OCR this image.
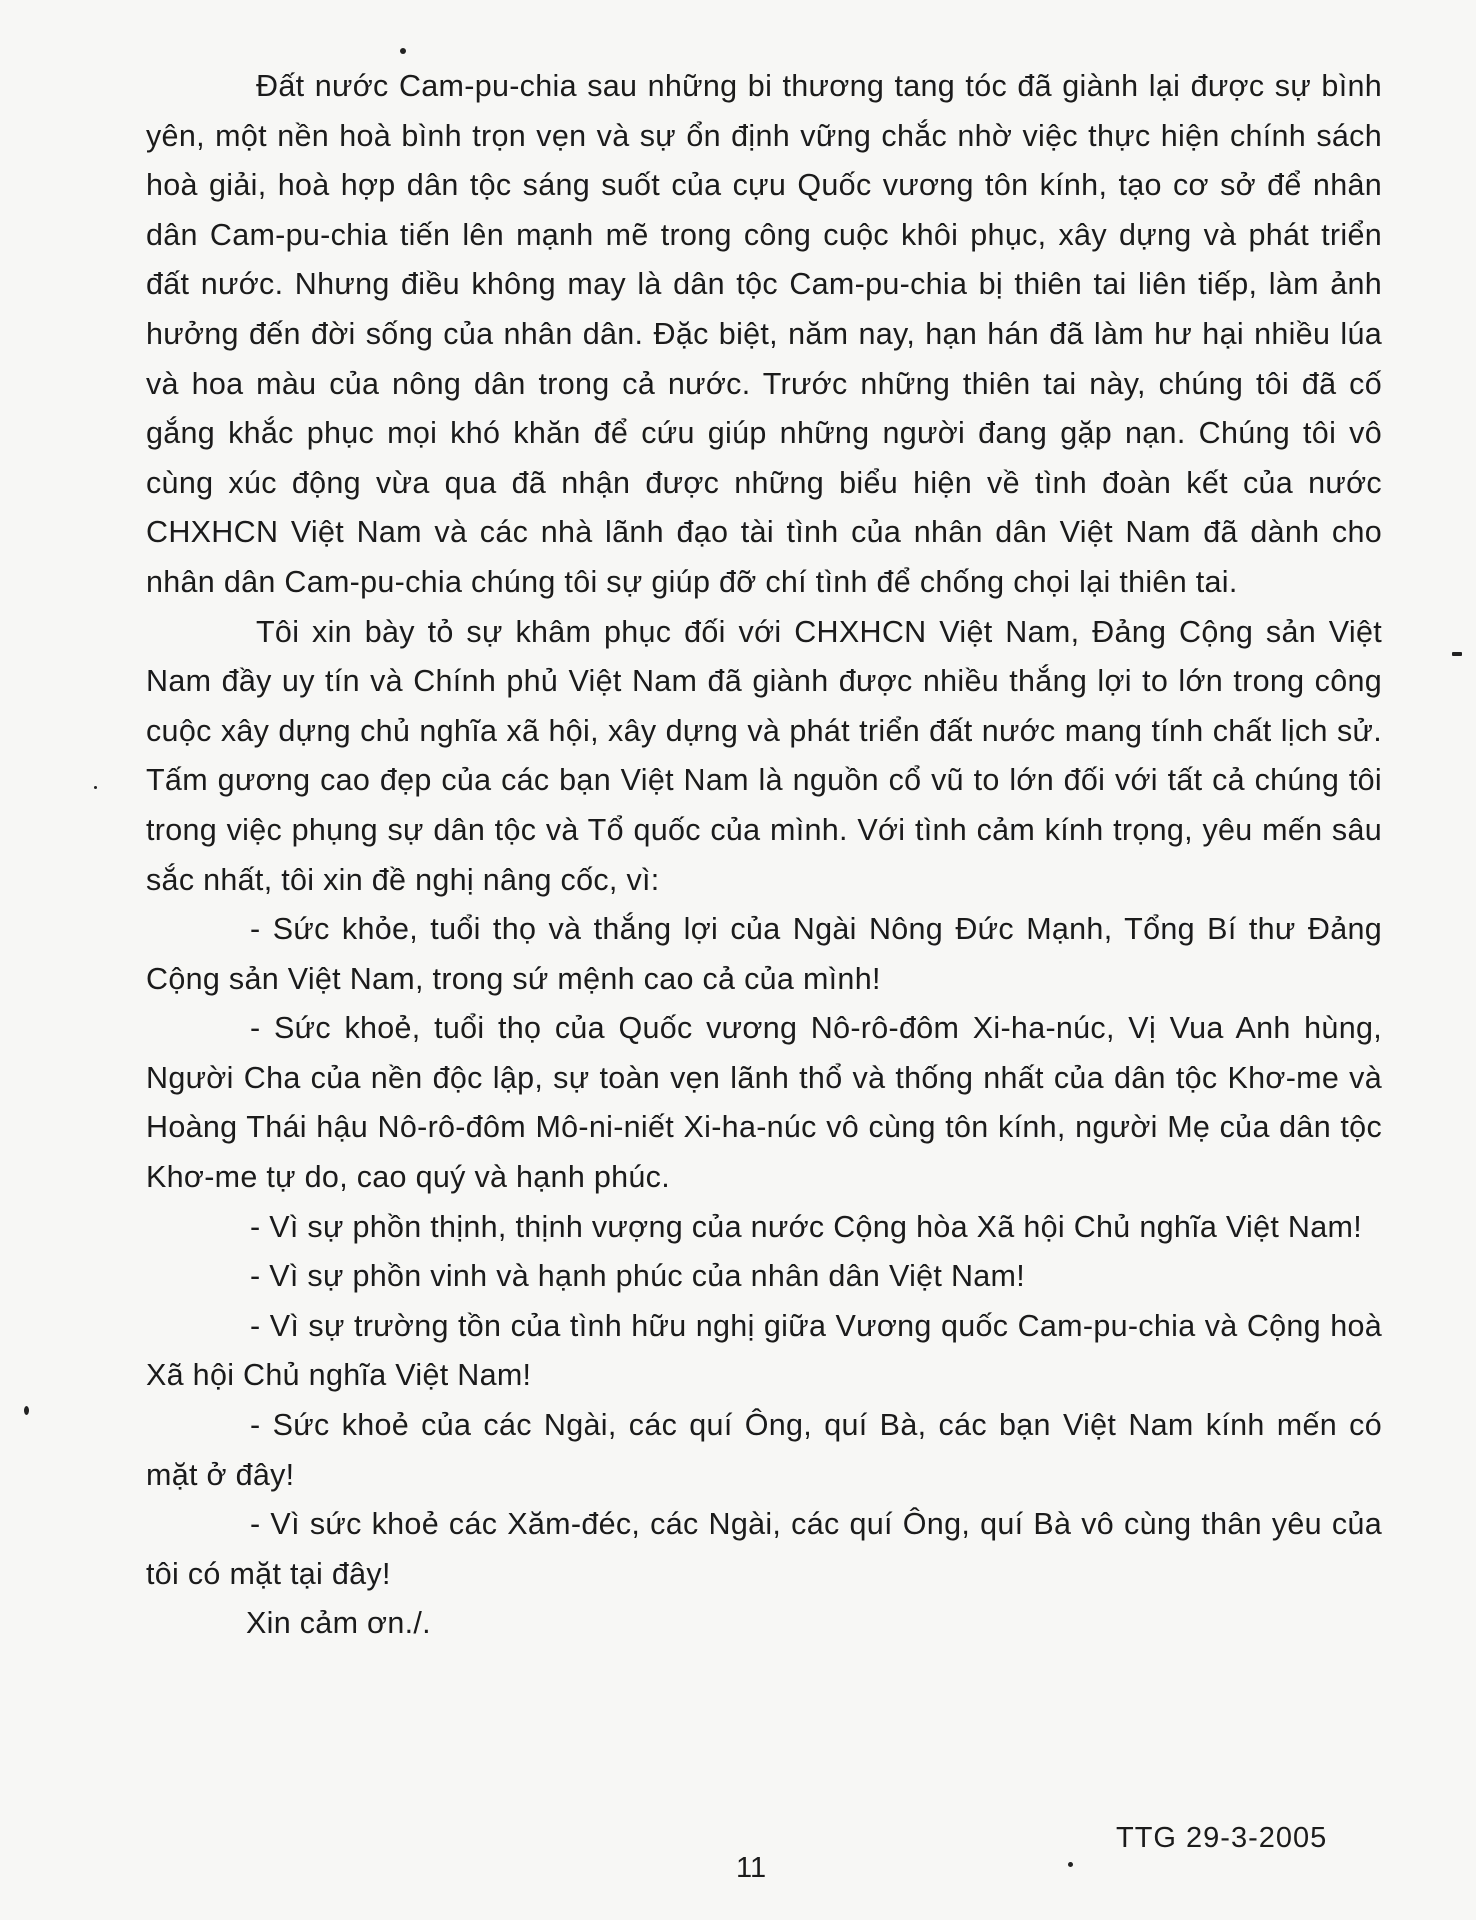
Đất nước Cam-pu-chia sau những bi thương tang tóc đã giành lại được sự bình yên, một nền hoà bình trọn vẹn và sự ổn định vững chắc nhờ việc thực hiện chính sách hoà giải, hoà hợp dân tộc sáng suốt của cựu Quốc vương tôn kính, tạo cơ sở để nhân dân Cam-pu-chia tiến lên mạnh mẽ trong công cuộc khôi phục, xây dựng và phát triển đất nước. Nhưng điều không may là dân tộc Cam-pu-chia bị thiên tai liên tiếp, làm ảnh hưởng đến đời sống của nhân dân. Đặc biệt, năm nay, hạn hán đã làm hư hại nhiều lúa và hoa màu của nông dân trong cả nước. Trước những thiên tai này, chúng tôi đã cố gắng khắc phục mọi khó khăn để cứu giúp những người đang gặp nạn. Chúng tôi vô cùng xúc động vừa qua đã nhận được những biểu hiện về tình đoàn kết của nước CHXHCN Việt Nam và các nhà lãnh đạo tài tình của nhân dân Việt Nam đã dành cho nhân dân Cam-pu-chia chúng tôi sự giúp đỡ chí tình để chống chọi lại thiên tai.

Tôi xin bày tỏ sự khâm phục đối với CHXHCN Việt Nam, Đảng Cộng sản Việt Nam đầy uy tín và Chính phủ Việt Nam đã giành được nhiều thắng lợi to lớn trong công cuộc xây dựng chủ nghĩa xã hội, xây dựng và phát triển đất nước mang tính chất lịch sử. Tấm gương cao đẹp của các bạn Việt Nam là nguồn cổ vũ to lớn đối với tất cả chúng tôi trong việc phụng sự dân tộc và Tổ quốc của mình. Với tình cảm kính trọng, yêu mến sâu sắc nhất, tôi xin đề nghị nâng cốc, vì:

- Sức khỏe, tuổi thọ và thắng lợi của Ngài Nông Đức Mạnh, Tổng Bí thư Đảng Cộng sản Việt Nam, trong sứ mệnh cao cả của mình!

- Sức khoẻ, tuổi thọ của Quốc vương Nô-rô-đôm Xi-ha-núc, Vị Vua Anh hùng, Người Cha của nền độc lập, sự toàn vẹn lãnh thổ và thống nhất của dân tộc Khơ-me và Hoàng Thái hậu Nô-rô-đôm Mô-ni-niết Xi-ha-núc vô cùng tôn kính, người Mẹ của dân tộc Khơ-me tự do, cao quý và hạnh phúc.

- Vì sự phồn thịnh, thịnh vượng của nước Cộng hòa Xã hội Chủ nghĩa Việt Nam!

- Vì sự phồn vinh và hạnh phúc của nhân dân Việt Nam!

- Vì sự trường tồn của tình hữu nghị giữa Vương quốc Cam-pu-chia và Cộng hoà Xã hội Chủ nghĩa Việt Nam!

- Sức khoẻ của các Ngài, các quí Ông, quí Bà, các bạn Việt Nam kính mến có mặt ở đây!

- Vì sức khoẻ các Xăm-đéc, các Ngài, các quí Ông, quí Bà vô cùng thân yêu của tôi có mặt tại đây!

Xin cảm ơn./.

11
TTG 29-3-2005
